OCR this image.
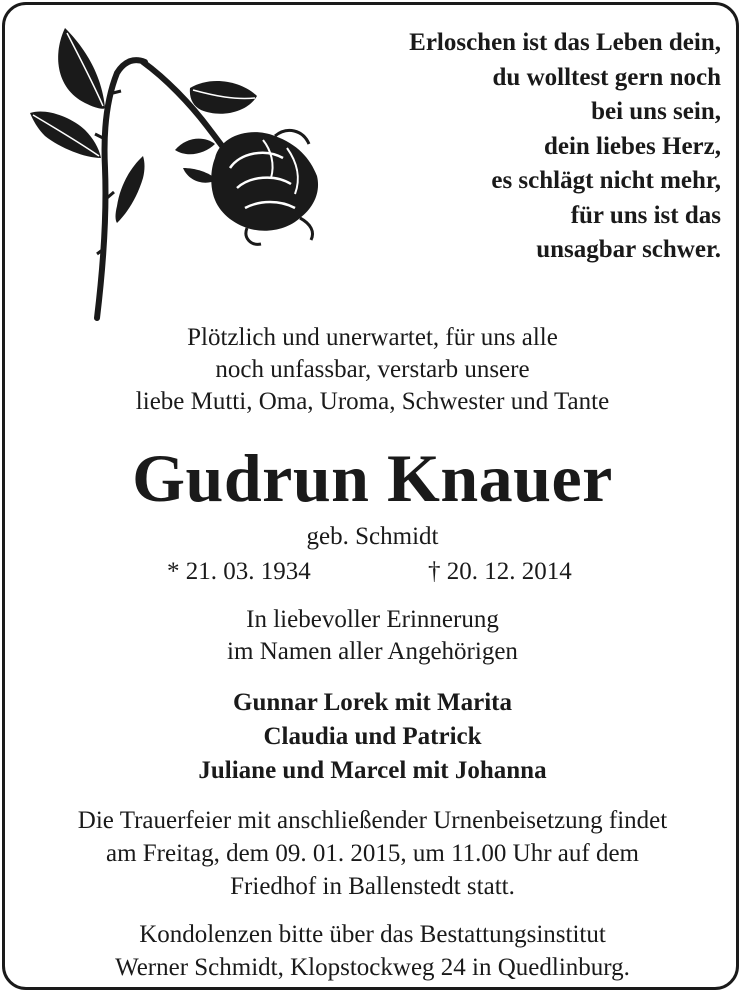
Erloschen ist das Leben dein,
du wolltest gern noch
bei uns sein,
dein liebes Herz,
es schlägt nicht mehr,
für uns ist das
unsagbar schwer.
Plötzlich und unerwartet, für uns alle
noch unfassbar, verstarb unsere
liebe Mutti, Oma, Uroma, Schwester und Tante
Gudrun Knauer
geb. Schmidt
* 21. 03. 1934	† 20. 12. 2014
In liebevoller Erinnerung
im Namen aller Angehörigen
Gunnar Lorek mit Marita
Claudia und Patrick
Juliane und Marcel mit Johanna
Die Trauerfeier mit anschließender Urnenbeisetzung findet
am Freitag, dem 09. 01. 2015, um 11.00 Uhr auf dem
Friedhof in Ballenstedt statt.
Kondolenzen bitte über das Bestattungsinstitut
Werner Schmidt, Klopstockweg 24 in Quedlinburg.
